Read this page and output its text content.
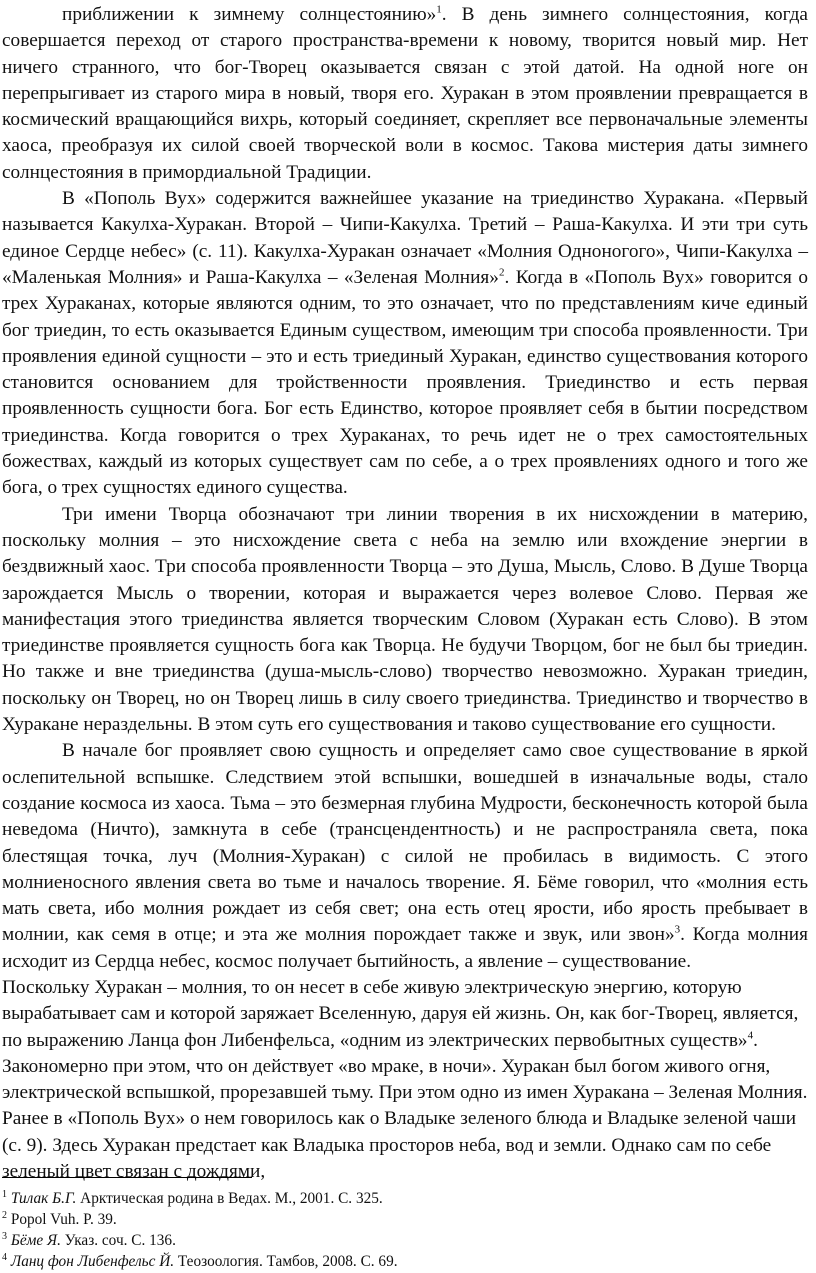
приближении к зимнему солнцестоянию»$^1$. В день зимнего солнцестояния, когда совершается переход от старого пространства-времени к новому, творится новый мир. Нет ничего странного, что бог-Творец оказывается связан с этой датой. На одной ноге он перепрыгивает из старого мира в новый, творя его. Хуракан в этом проявлении превращается в космический вращающийся вихрь, который соединяет, скрепляет все первоначальные элементы хаоса, преобразуя их силой своей творческой воли в космос. Такова мистерия даты зимнего солнцестояния в примордиальной Традиции.

В «Пополь Вух» содержится важнейшее указание на триединство Хуракана. «Первый называется Какулха-Хуракан. Второй – Чипи-Какулха. Третий – Раша-Какулха. И эти три суть единое Сердце небес» (с. 11). Какулха-Хуракан означает «Молния Одноногого», Чипи-Какулха – «Маленькая Молния» и Раша-Какулха – «Зеленая Молния»$^2$. Когда в «Пополь Вух» говорится о трех Хураканах, которые являются одним, то это означает, что по представлениям киче единый бог триедин, то есть оказывается Единым существом, имеющим три способа проявленности. Три проявления единой сущности – это и есть триединый Хуракан, единство существования которого становится основанием для тройственности проявления. Триединство и есть первая проявленность сущности бога. Бог есть Единство, которое проявляет себя в бытии посредством триединства. Когда говорится о трех Хураканах, то речь идет не о трех самостоятельных божествах, каждый из которых существует сам по себе, а о трех проявлениях одного и того же бога, о трех сущностях единого существа.

Три имени Творца обозначают три линии творения в их нисхождении в материю, поскольку молния – это нисхождение света с неба на землю или вхождение энергии в бездвижный хаос. Три способа проявленности Творца – это Душа, Мысль, Слово. В Душе Творца зарождается Мысль о творении, которая и выражается через волевое Слово. Первая же манифестация этого триединства является творческим Словом (Хуракан есть Слово). В этом триединстве проявляется сущность бога как Творца. Не будучи Творцом, бог не был бы триедин. Но также и вне триединства (душа-мысль-слово) творчество невозможно. Хуракан триедин, поскольку он Творец, но он Творец лишь в силу своего триединства. Триединство и творчество в Хуракане нераздельны. В этом суть его существования и таково существование его сущности.

В начале бог проявляет свою сущность и определяет само свое существование в яркой ослепительной вспышке. Следствием этой вспышки, вошедшей в изначальные воды, стало создание космоса из хаоса. Тьма – это безмерная глубина Мудрости, бесконечность которой была неведома (Ничто), замкнута в себе (трансцендентность) и не распространяла света, пока блестящая точка, луч (Молния-Хуракан) с силой не пробилась в видимость. С этого молниеносного явления света во тьме и началось творение. Я. Бёме говорил, что «молния есть мать света, ибо молния рождает из себя свет; она есть отец ярости, ибо ярость пребывает в молнии, как семя в отце; и эта же молния порождает также и звук, или звон»$^3$. Когда молния исходит из Сердца небес, космос получает бытийность, а явление – существование.

Поскольку Хуракан – молния, то он несет в себе живую электрическую энергию, которую вырабатывает сам и которой заряжает Вселенную, даруя ей жизнь. Он, как бог-Творец, является, по выражению Ланца фон Либенфельса, «одним из электрических первобытных существ»$^4$. Закономерно при этом, что он действует «во мраке, в ночи». Хуракан был богом живого огня, электрической вспышкой, прорезавшей тьму. При этом одно из имен Хуракана – Зеленая Молния. Ранее в «Пополь Вух» о нем говорилось как о Владыке зеленого блюда и Владыке зеленой чаши (с. 9). Здесь Хуракан предстает как Владыка просторов неба, вод и земли. Однако сам по себе зеленый цвет связан с дождями,

$^1$ Тилак Б.Г. Арктическая родина в Ведах. М., 2001. С. 325.

$^2$ Popol Vuh. P. 39.

$^3$ Бёме Я. Указ. соч. С. 136.

$^4$ Ланц фон Либенфельс Й. Теозоология. Тамбов, 2008. С. 69.
